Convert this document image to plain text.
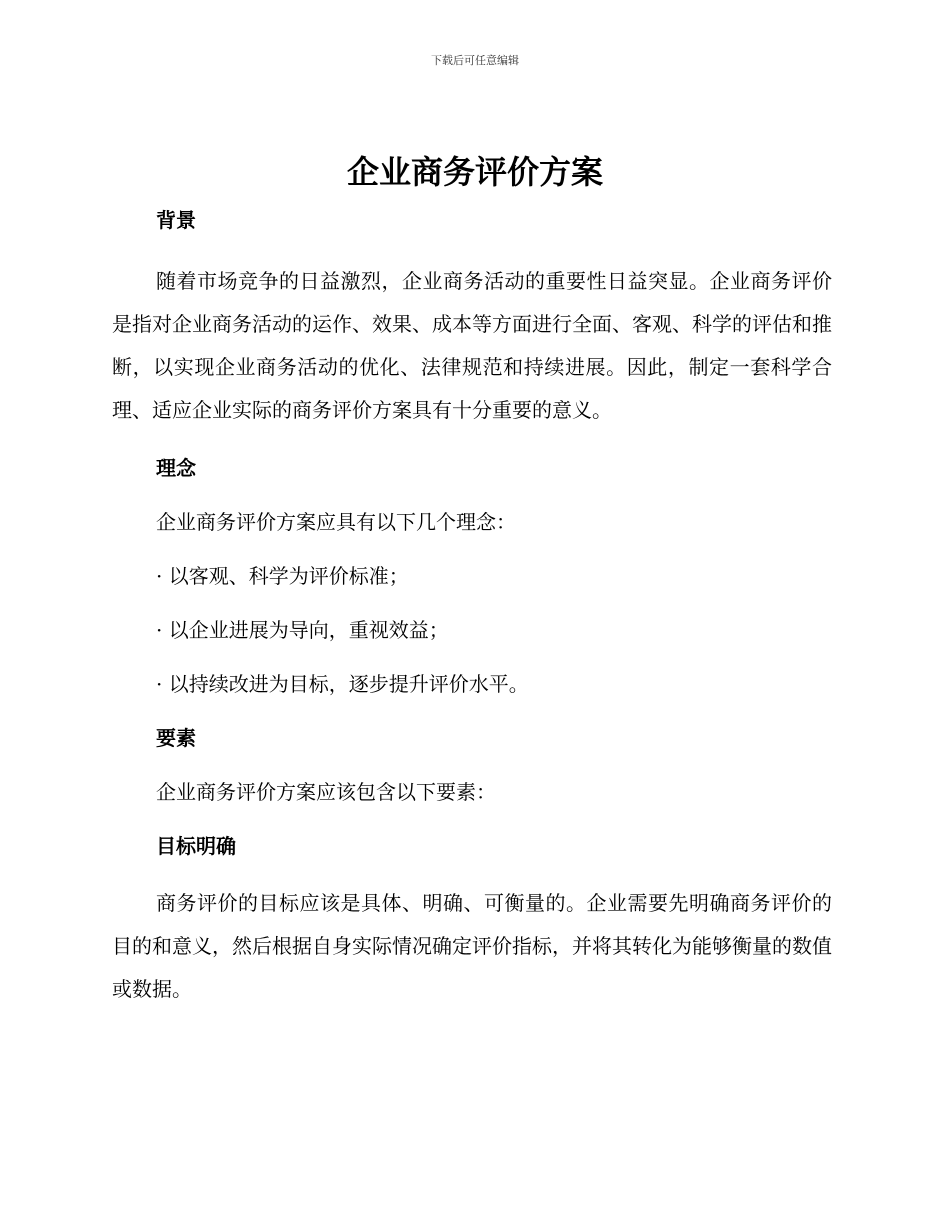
下载后可任意编辑
企业商务评价方案
背景

随着市场竞争的日益激烈，企业商务活动的重要性日益突显。企业商务评价是指对企业商务活动的运作、效果、成本等方面进行全面、客观、科学的评估和推断，以实现企业商务活动的优化、法律规范和持续进展。因此，制定一套科学合理、适应企业实际的商务评价方案具有十分重要的意义。

理念

企业商务评价方案应具有以下几个理念：

· 以客观、科学为评价标准；

· 以企业进展为导向，重视效益；

· 以持续改进为目标，逐步提升评价水平。

要素

企业商务评价方案应该包含以下要素：

目标明确

商务评价的目标应该是具体、明确、可衡量的。企业需要先明确商务评价的目的和意义，然后根据自身实际情况确定评价指标，并将其转化为能够衡量的数值或数据。
